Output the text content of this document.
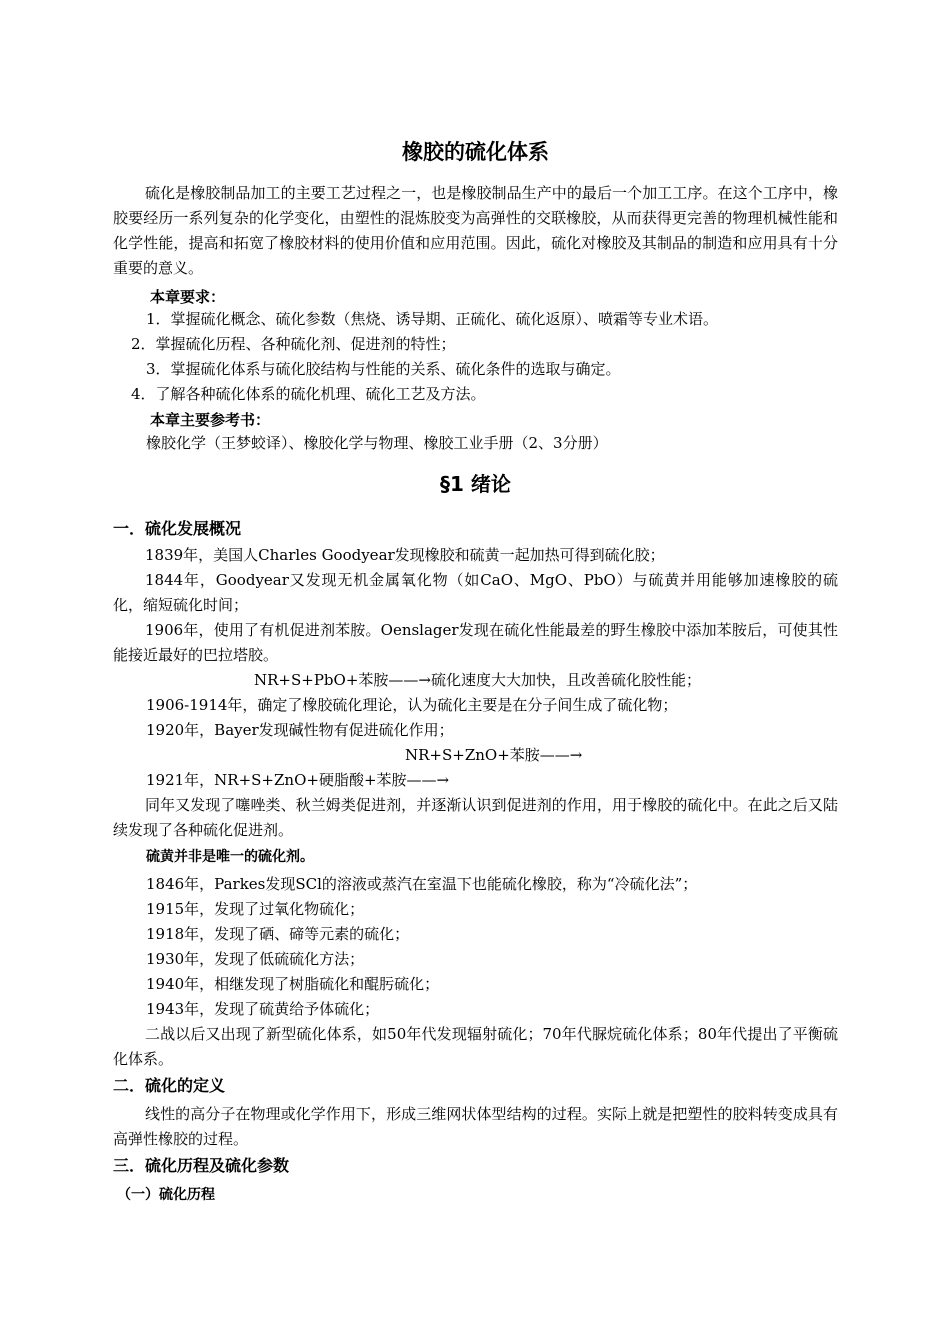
橡胶的硫化体系
硫化是橡胶制品加工的主要工艺过程之一，也是橡胶制品生产中的最后一个加工工序。在这个工序中，橡胶要经历一系列复杂的化学变化，由塑性的混炼胶变为高弹性的交联橡胶，从而获得更完善的物理机械性能和化学性能，提高和拓宽了橡胶材料的使用价值和应用范围。因此，硫化对橡胶及其制品的制造和应用具有十分重要的意义。
本章要求：
1．掌握硫化概念、硫化参数（焦烧、诱导期、正硫化、硫化返原）、喷霜等专业术语。
2．掌握硫化历程、各种硫化剂、促进剂的特性；
3．掌握硫化体系与硫化胶结构与性能的关系、硫化条件的选取与确定。
4．了解各种硫化体系的硫化机理、硫化工艺及方法。
本章主要参考书：
橡胶化学（王梦蛟译）、橡胶化学与物理、橡胶工业手册（2、3分册）
§1 绪论
一．硫化发展概况
1839年，美国人Charles Goodyear发现橡胶和硫黄一起加热可得到硫化胶；
1844年，Goodyear又发现无机金属氧化物（如CaO、MgO、PbO）与硫黄并用能够加速橡胶的硫化，缩短硫化时间；
1906年，使用了有机促进剂苯胺。Oenslager发现在硫化性能最差的野生橡胶中添加苯胺后，可使其性能接近最好的巴拉塔胶。
NR+S+PbO+苯胺——→硫化速度大大加快，且改善硫化胶性能；
1906-1914年，确定了橡胶硫化理论，认为硫化主要是在分子间生成了硫化物；
1920年，Bayer发现碱性物有促进硫化作用；
NR+S+ZnO+苯胺——→
1921年，NR+S+ZnO+硬脂酸+苯胺——→
同年又发现了噻唑类、秋兰姆类促进剂，并逐渐认识到促进剂的作用，用于橡胶的硫化中。在此之后又陆续发现了各种硫化促进剂。
硫黄并非是唯一的硫化剂。
1846年，Parkes发现SCl的溶液或蒸汽在室温下也能硫化橡胶，称为“冷硫化法”；
1915年，发现了过氧化物硫化；
1918年，发现了硒、碲等元素的硫化；
1930年，发现了低硫硫化方法；
1940年，相继发现了树脂硫化和醌肟硫化；
1943年，发现了硫黄给予体硫化；
二战以后又出现了新型硫化体系，如50年代发现辐射硫化；70年代脲烷硫化体系；80年代提出了平衡硫化体系。
二．硫化的定义
线性的高分子在物理或化学作用下，形成三维网状体型结构的过程。实际上就是把塑性的胶料转变成具有高弹性橡胶的过程。
三．硫化历程及硫化参数
（一）硫化历程
